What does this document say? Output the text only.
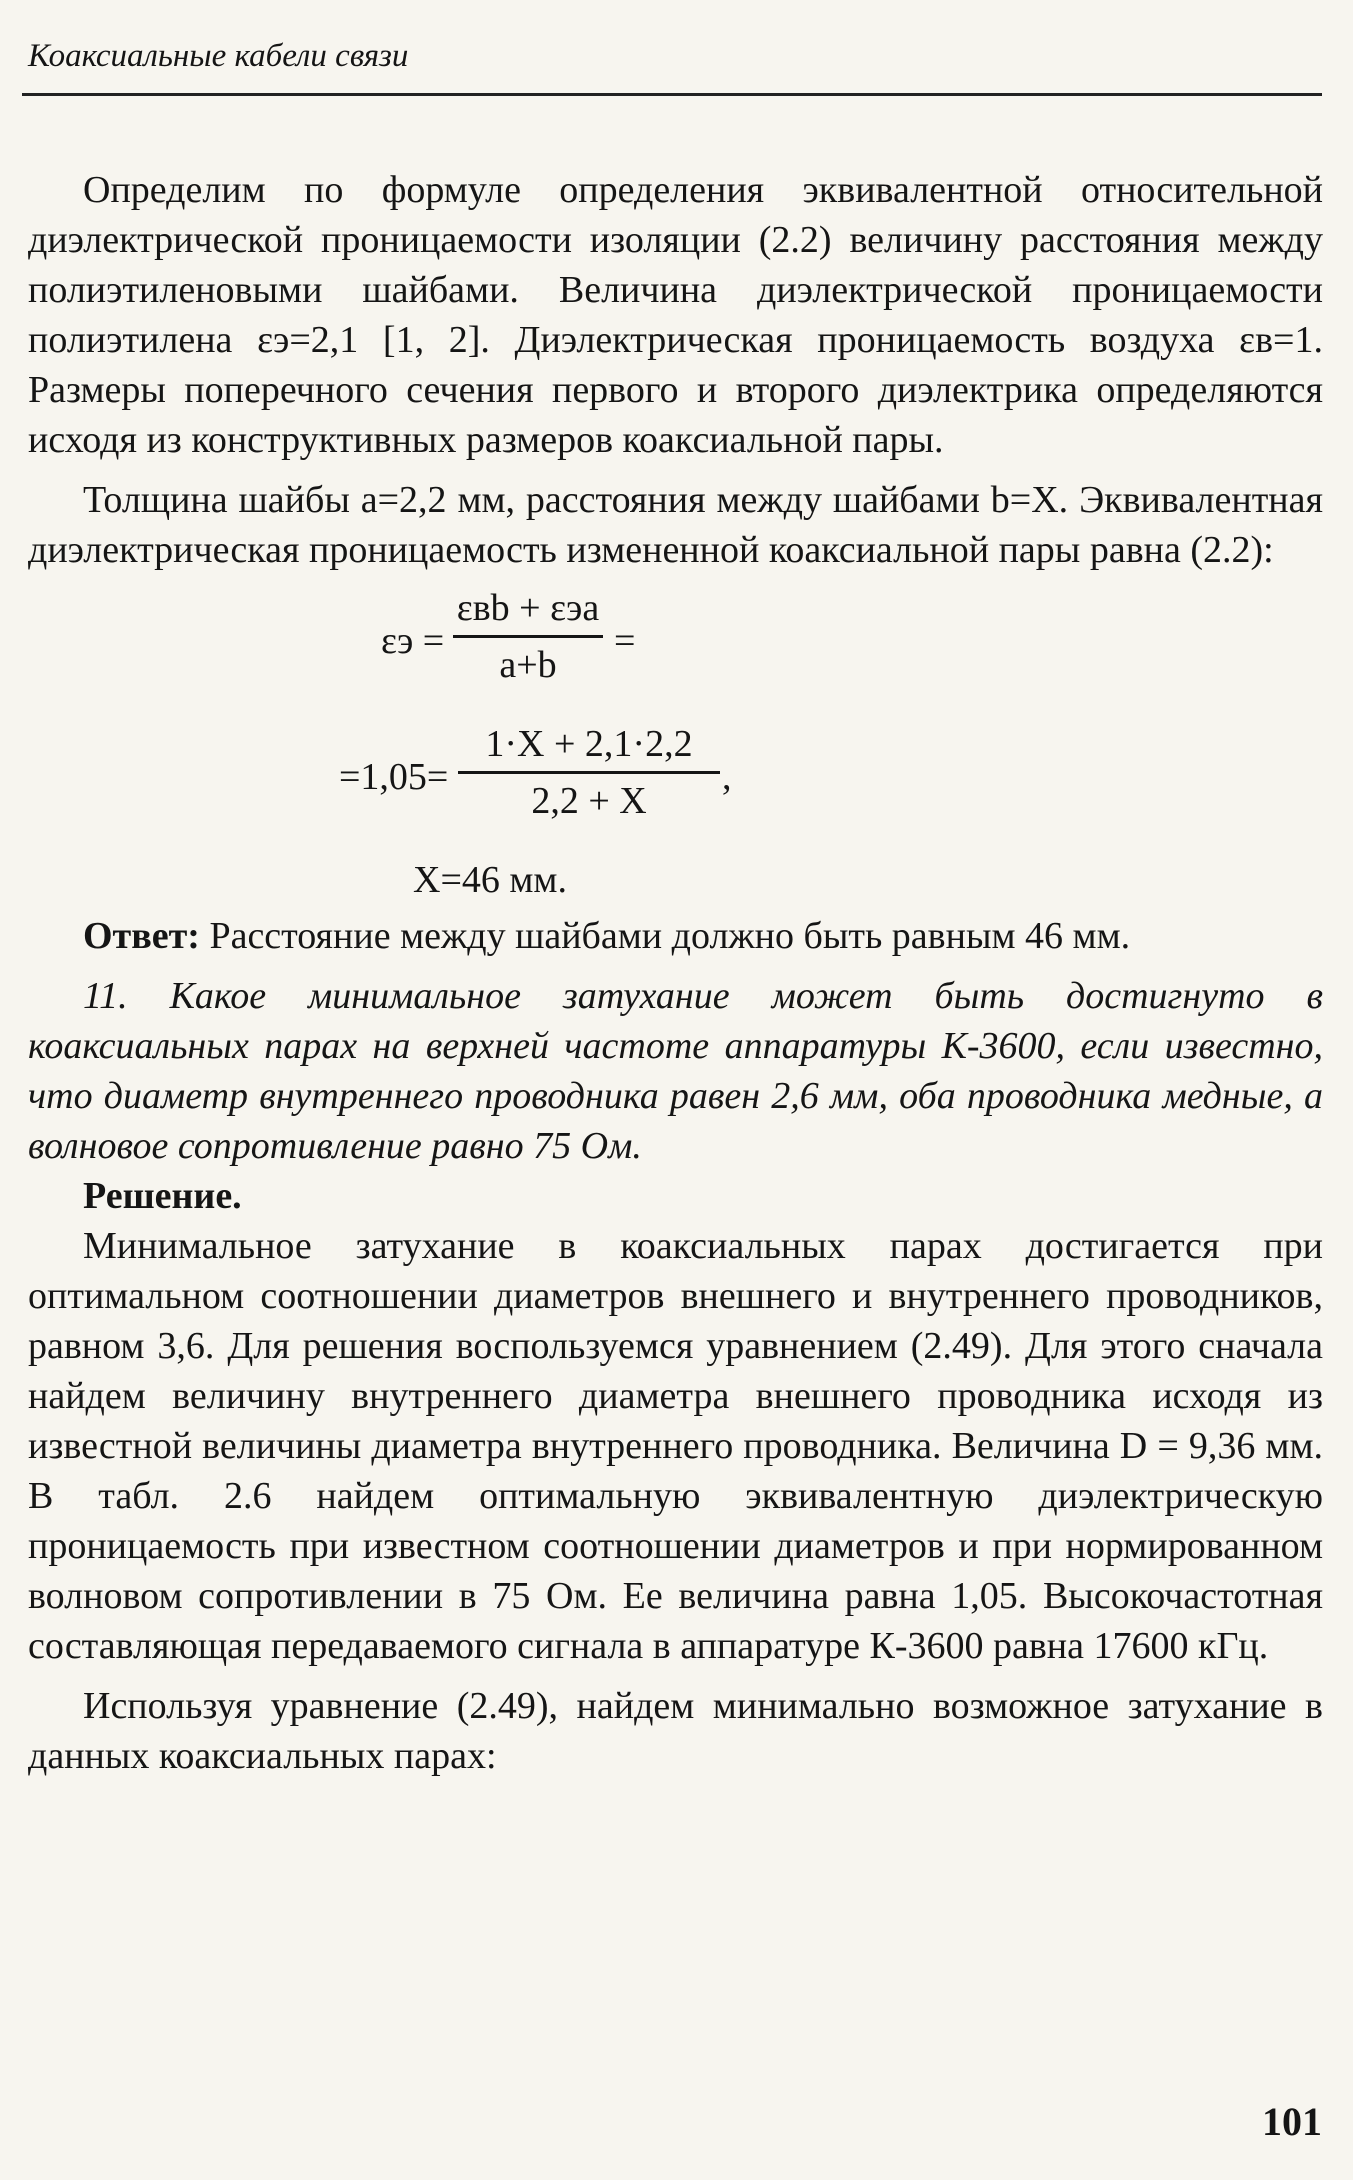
Коаксиальные кабели связи

Определим по формуле определения эквивалентной относительной диэлектрической проницаемости изоляции (2.2) величину расстояния между полиэтиленовыми шайбами. Величина диэлектрической проницаемости полиэтилена εэ=2,1 [1, 2]. Диэлектрическая проницаемость воздуха εв=1. Размеры поперечного сечения первого и второго диэлектрика определяются исходя из конструктивных размеров коаксиальной пары.

Толщина шайбы a=2,2 мм, расстояния между шайбами b=X. Эквивалентная диэлектрическая проницаемость измененной коаксиальной пары равна (2.2):

εэ =
εвb + εэa
a+b
=
=1,05=
1·X + 2,1·2,2
2,2 + X
,

X=46 мм.

Ответ: Расстояние между шайбами должно быть равным 46 мм.

11. Какое минимальное затухание может быть достигнуто в коаксиальных парах на верхней частоте аппаратуры К-3600, если известно, что диаметр внутреннего проводника равен 2,6 мм, оба проводника медные, а волновое сопротивление равно 75 Ом.

Решение.

Минимальное затухание в коаксиальных парах достигается при оптимальном соотношении диаметров внешнего и внутреннего проводников, равном 3,6. Для решения воспользуемся уравнением (2.49). Для этого сначала найдем величину внутреннего диаметра внешнего проводника исходя из известной величины диаметра внутреннего проводника. Величина D = 9,36 мм. В табл. 2.6 найдем оптимальную эквивалентную диэлектрическую проницаемость при известном соотношении диаметров и при нормированном волновом сопротивлении в 75 Ом. Ее величина равна 1,05. Высокочастотная составляющая передаваемого сигнала в аппаратуре К-3600 равна 17600 кГц.

Используя уравнение (2.49), найдем минимально возможное затухание в данных коаксиальных парах:

101
